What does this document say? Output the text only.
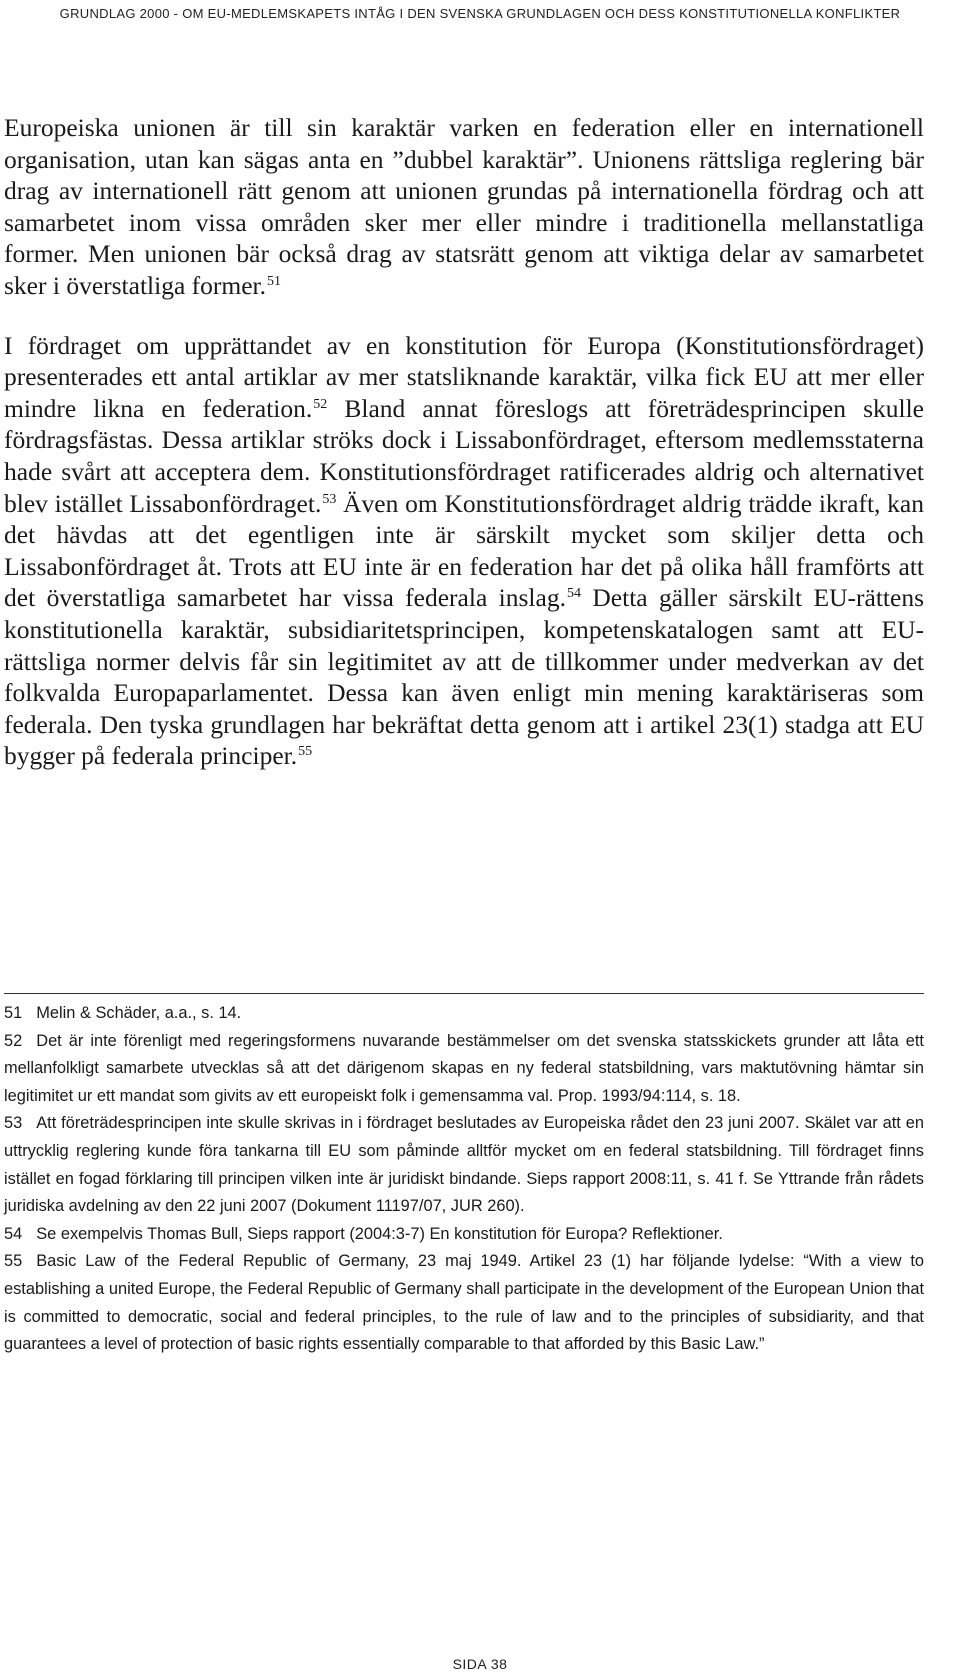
GRUNDLAG 2000 - OM EU-MEDLEMSKAPETS INTÅG I DEN SVENSKA GRUNDLAGEN OCH DESS KONSTITUTIONELLA KONFLIKTER

Europeiska unionen är till sin karaktär varken en federation eller en internationell organisation, utan kan sägas anta en ”dubbel karaktär”. Unionens rättsliga reglering bär drag av internationell rätt genom att unionen grundas på internationella fördrag och att samarbetet inom vissa områden sker mer eller mindre i traditionella mellanstatliga former. Men unionen bär också drag av statsrätt genom att viktiga delar av samarbetet sker i överstatliga former.$^{51}$

I fördraget om upprättandet av en konstitution för Europa (Konstitutionsfördraget) presenterades ett antal artiklar av mer statsliknande karaktär, vilka fick EU att mer eller mindre likna en federation.$^{52}$ Bland annat föreslogs att företrädesprincipen skulle fördragsfästas. Dessa artiklar ströks dock i Lissabonfördraget, eftersom medlemsstaterna hade svårt att acceptera dem. Konstitutionsfördraget ratificerades aldrig och alternativet blev istället Lissabonfördraget.$^{53}$ Även om Konstitutionsfördraget aldrig trädde ikraft, kan det hävdas att det egentligen inte är särskilt mycket som skiljer detta och Lissabonfördraget åt. Trots att EU inte är en federation har det på olika håll framförts att det överstatliga samarbetet har vissa federala inslag.$^{54}$ Detta gäller särskilt EU-rättens konstitutionella karaktär, subsidiaritetsprincipen, kompetenskatalogen samt att EU-rättsliga normer delvis får sin legitimitet av att de tillkommer under medverkan av det folkvalda Europaparlamentet. Dessa kan även enligt min mening karaktäriseras som federala. Den tyska grundlagen har bekräftat detta genom att i artikel 23(1) stadga att EU bygger på federala principer.$^{55}$

51 Melin & Schäder, a.a., s. 14.

52 Det är inte förenligt med regeringsformens nuvarande bestämmelser om det svenska statsskickets grunder att låta ett mellanfolkligt samarbete utvecklas så att det därigenom skapas en ny federal statsbildning, vars maktutövning hämtar sin legitimitet ur ett mandat som givits av ett europeiskt folk i gemensamma val. Prop. 1993/94:114, s. 18.

53 Att företrädesprincipen inte skulle skrivas in i fördraget beslutades av Europeiska rådet den 23 juni 2007. Skälet var att en uttrycklig reglering kunde föra tankarna till EU som påminde alltför mycket om en federal statsbildning. Till fördraget finns istället en fogad förklaring till principen vilken inte är juridiskt bindande. Sieps rapport 2008:11, s. 41 f. Se Yttrande från rådets juridiska avdelning av den 22 juni 2007 (Dokument 11197/07, JUR 260).

54 Se exempelvis Thomas Bull, Sieps rapport (2004:3-7) En konstitution för Europa? Reflektioner.

55 Basic Law of the Federal Republic of Germany, 23 maj 1949. Artikel 23 (1) har följande lydelse: “With a view to establishing a united Europe, the Federal Republic of Germany shall participate in the development of the European Union that is committed to democratic, social and federal principles, to the rule of law and to the principles of subsidiarity, and that guarantees a level of protection of basic rights essentially comparable to that afforded by this Basic Law.”

SIDA 38
